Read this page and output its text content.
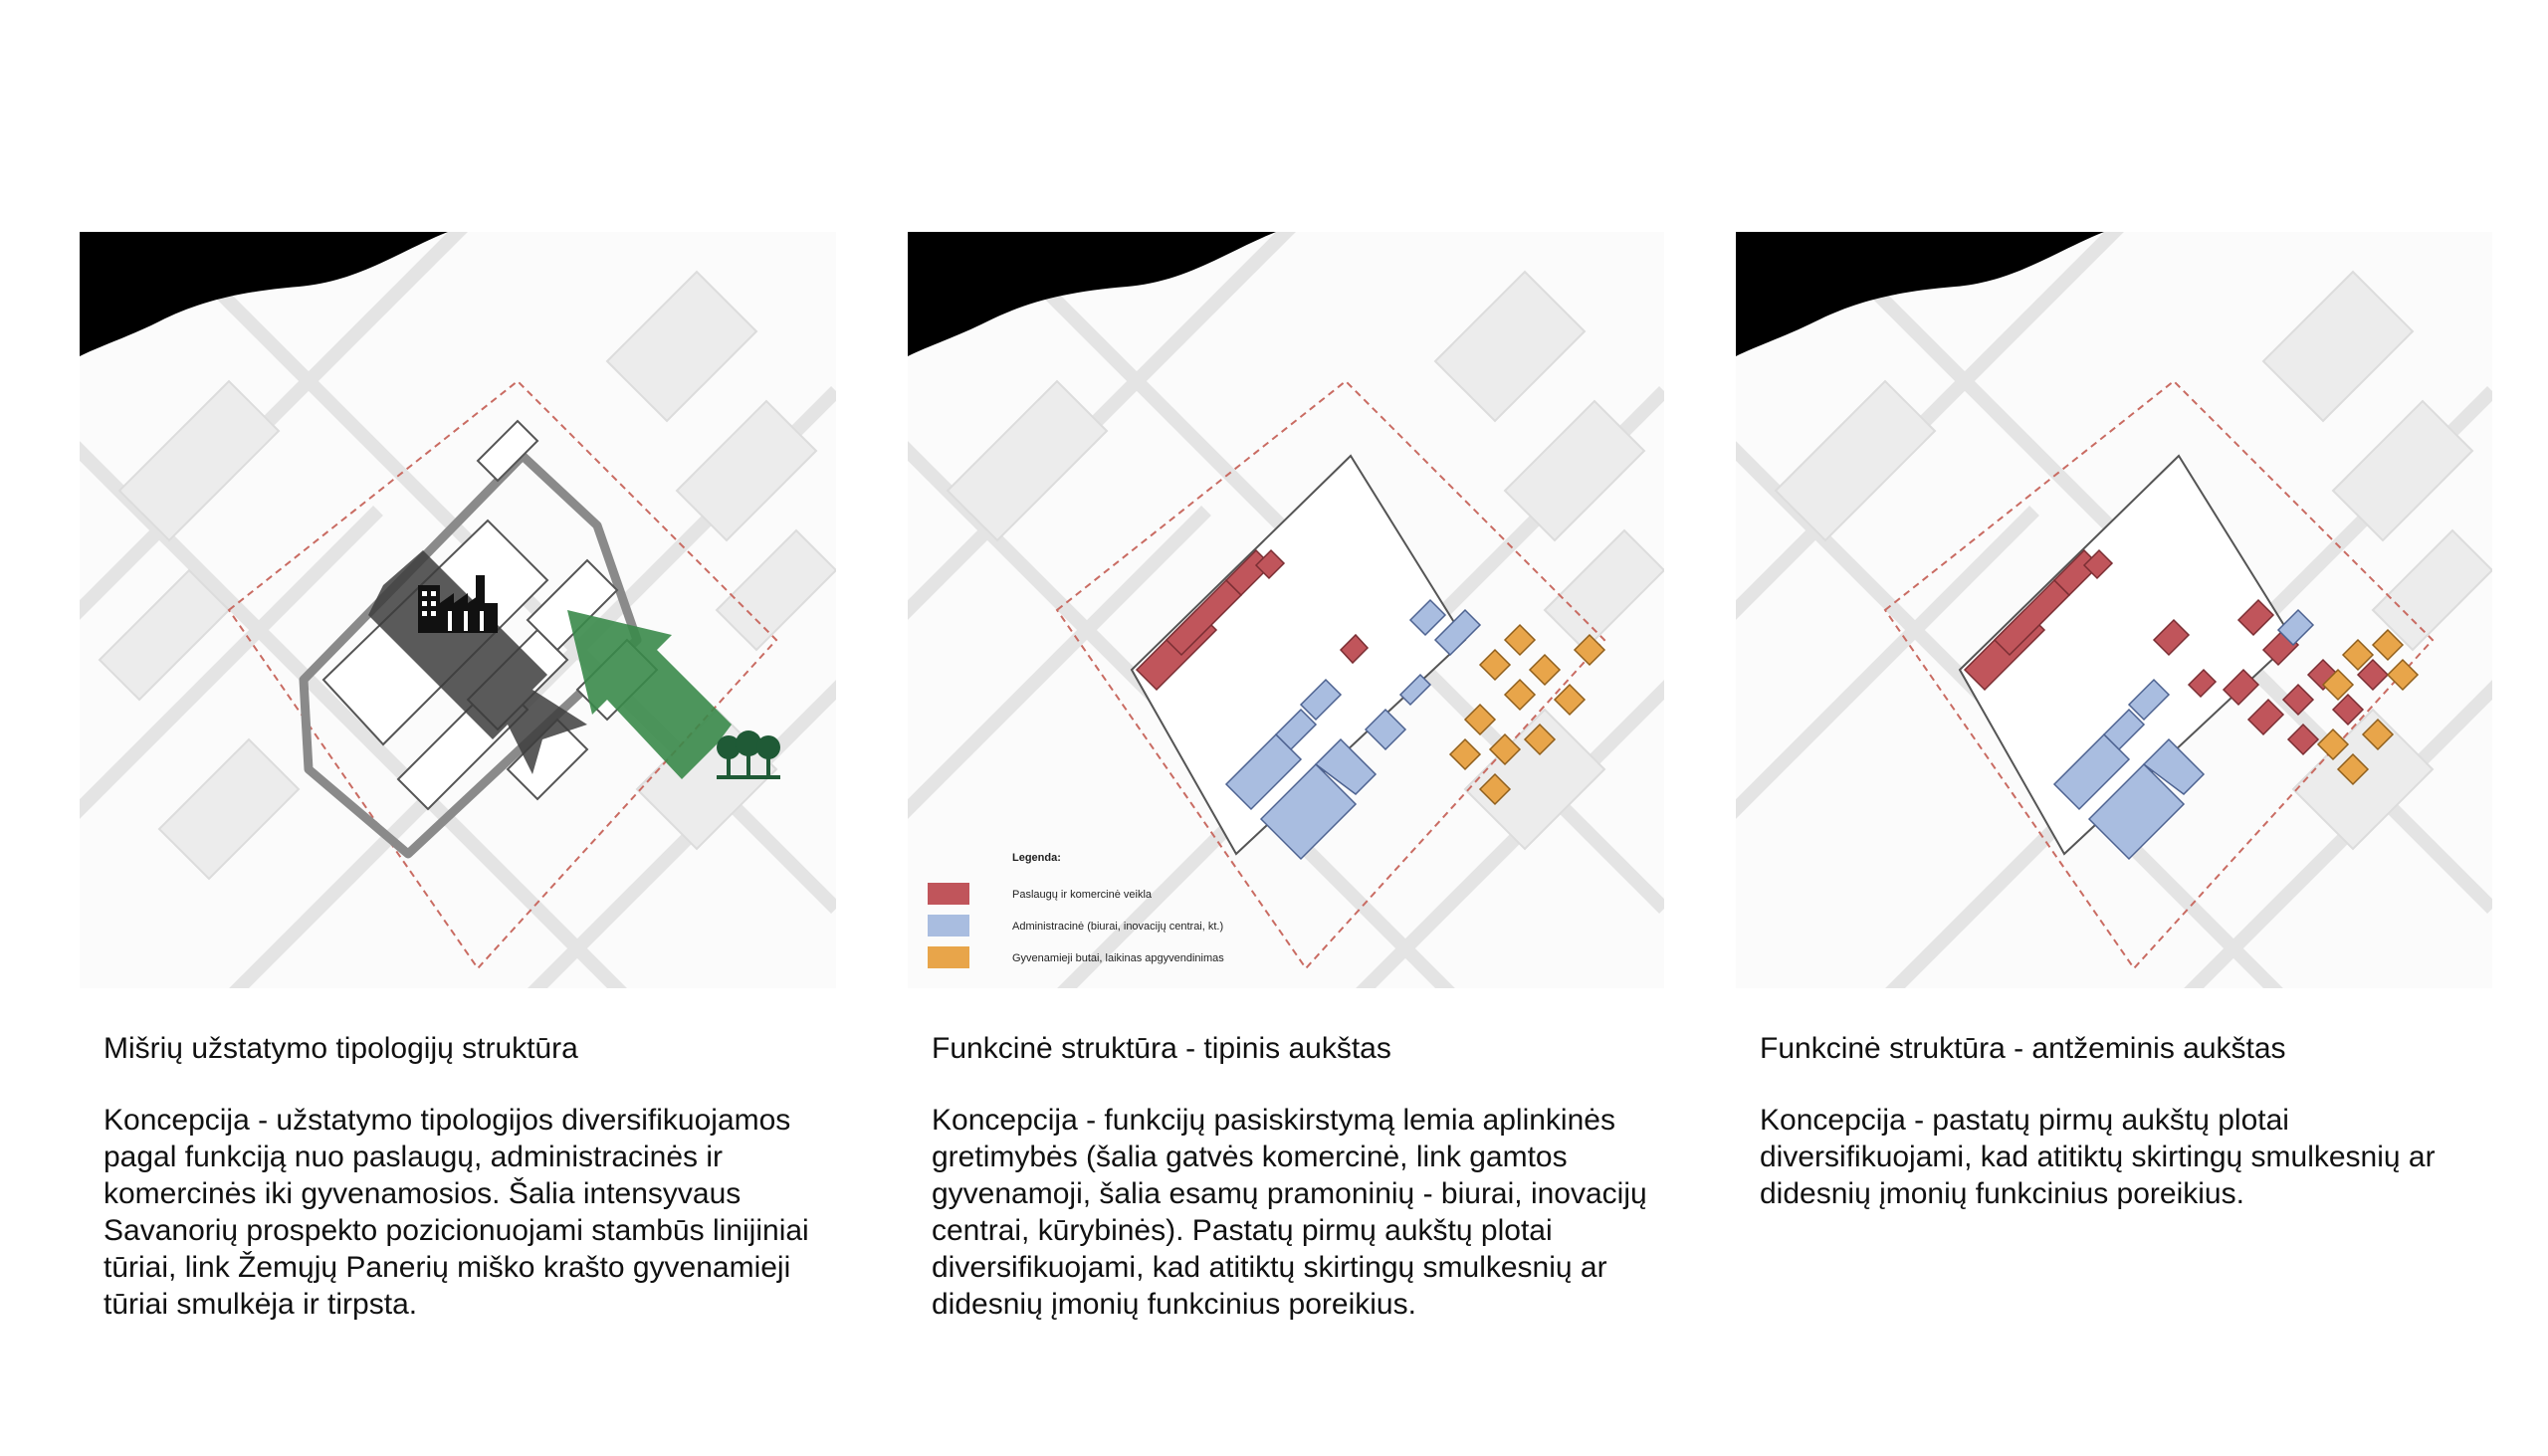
Legenda:
Paslaugų ir komercinė veikla
Administracinė (biurai, inovacijų centrai, kt.)
Gyvenamieji butai, laikinas apgyvendinimas

Mišrių užstatymo tipologijų struktūra

Koncepcija - užstatymo tipologijos diversifikuojamos pagal funkciją nuo paslaugų, administracinės ir komercinės iki gyvenamosios. Šalia intensyvaus Savanorių prospekto pozicionuojami stambūs linijiniai tūriai, link Žemųjų Panerių miško krašto gyvenamieji tūriai smulkėja ir tirpsta.

Funkcinė struktūra - tipinis aukštas

Koncepcija - funkcijų pasiskirstymą lemia aplinkinės gretimybės (šalia gatvės komercinė, link gamtos gyvenamoji, šalia esamų pramoninių - biurai, inovacijų centrai, kūrybinės). Pastatų pirmų aukštų plotai diversifikuojami, kad atitiktų skirtingų smulkesnių ar didesnių įmonių funkcinius poreikius.

Funkcinė struktūra - antžeminis aukštas

Koncepcija - pastatų pirmų aukštų plotai diversifikuojami, kad atitiktų skirtingų smulkesnių ar didesnių įmonių funkcinius poreikius.
